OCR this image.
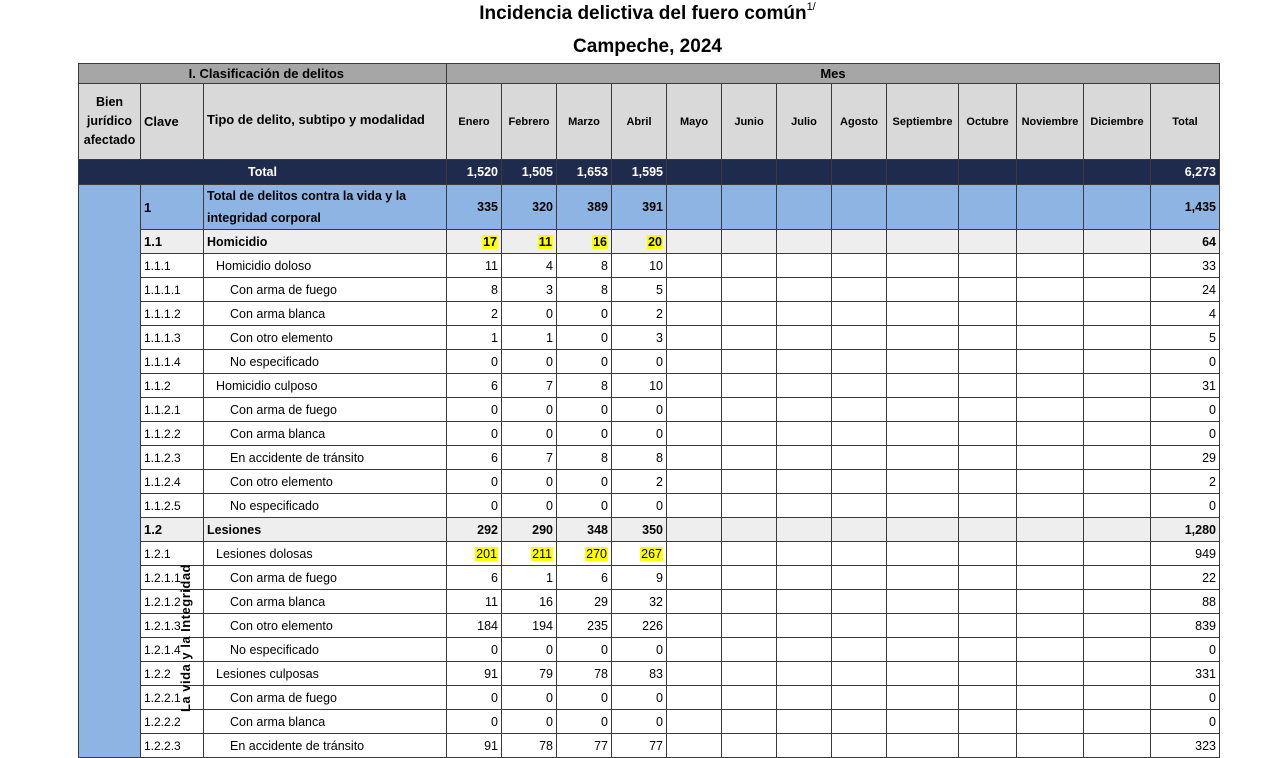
Incidencia delictiva del fuero común$^{1/}$
Campeche, 2024
I. Clasificación de delitos			Mes												
Bien jurídico afectado	Clave	Tipo de delito, subtipo y modalidad	Enero	Febrero	Marzo	Abril	Mayo	Junio	Julio	Agosto	Septiembre	Octubre	Noviembre	Diciembre	Total
Total			1,520	1,505	1,653	1,595									6,273

La vida y la Integridad	1	Total de delitos contra la vida y la integridad corporal	335	320	389	391									1,435
	1.1	Homicidio	17	11	16	20									64
	1.1.1	Homicidio doloso	11	4	8	10									33
	1.1.1.1	Con arma de fuego	8	3	8	5									24
	1.1.1.2	Con arma blanca	2	0	0	2									4
	1.1.1.3	Con otro elemento	1	1	0	3									5
	1.1.1.4	No especificado	0	0	0	0									0
	1.1.2	Homicidio culposo	6	7	8	10									31
	1.1.2.1	Con arma de fuego	0	0	0	0									0
	1.1.2.2	Con arma blanca	0	0	0	0									0
	1.1.2.3	En accidente de tránsito	6	7	8	8									29
	1.1.2.4	Con otro elemento	0	0	0	2									2
	1.1.2.5	No especificado	0	0	0	0									0
	1.2	Lesiones	292	290	348	350									1,280
	1.2.1	Lesiones dolosas	201	211	270	267									949
	1.2.1.1	Con arma de fuego	6	1	6	9									22
	1.2.1.2	Con arma blanca	11	16	29	32									88
	1.2.1.3	Con otro elemento	184	194	235	226									839
	1.2.1.4	No especificado	0	0	0	0									0
	1.2.2	Lesiones culposas	91	79	78	83									331
	1.2.2.1	Con arma de fuego	0	0	0	0									0
	1.2.2.2	Con arma blanca	0	0	0	0									0
	1.2.2.3	En accidente de tránsito	91	78	77	77									323
